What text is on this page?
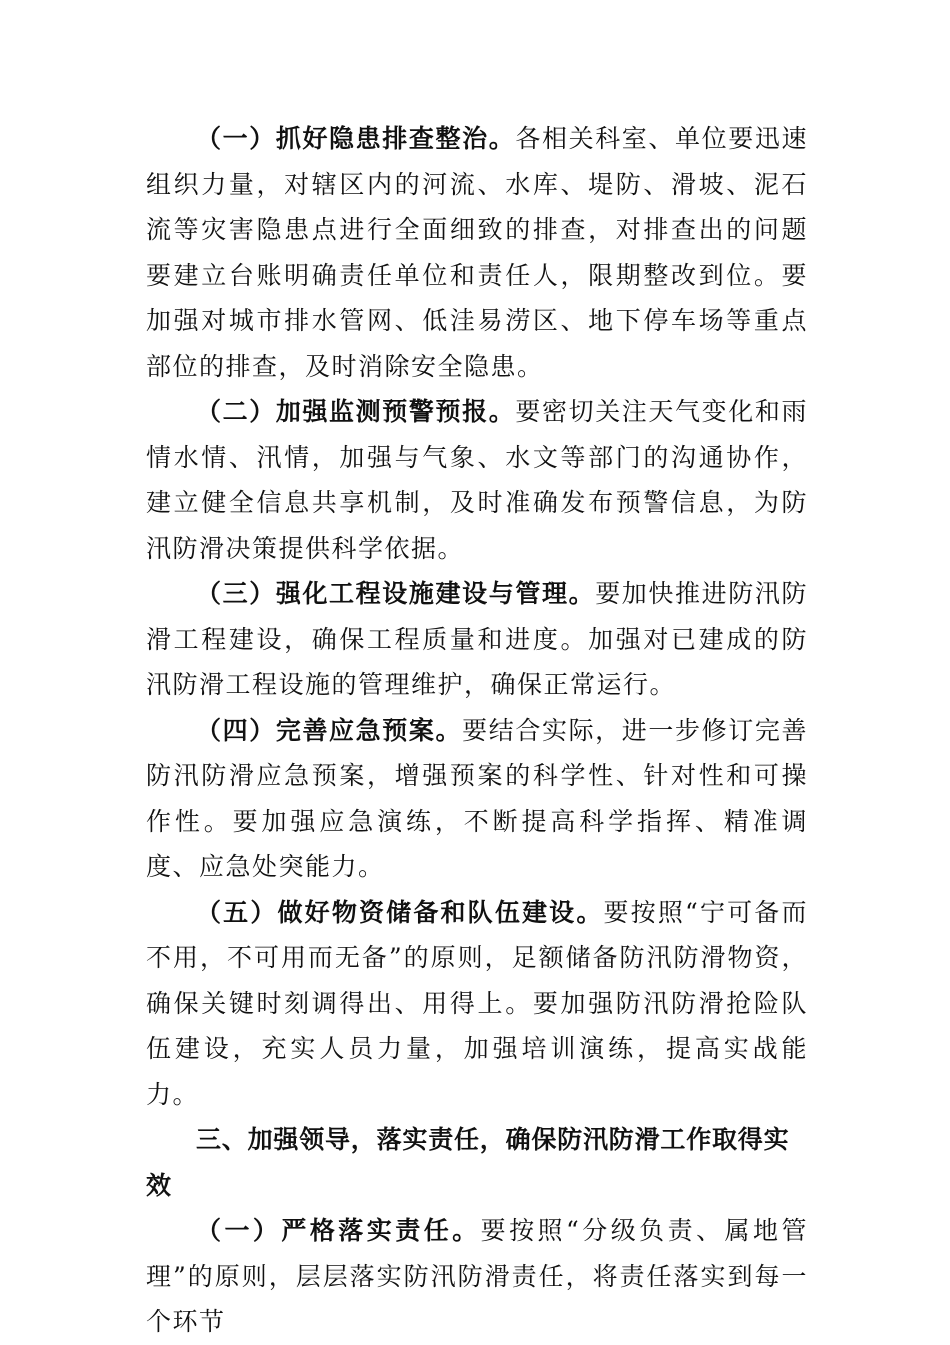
（一）抓好隐患排查整治。各相关科室、单位要迅速组织力量，对辖区内的河流、水库、堤防、滑坡、泥石流等灾害隐患点进行全面细致的排查，对排查出的问题要建立台账明确责任单位和责任人，限期整改到位。要加强对城市排水管网、低洼易涝区、地下停车场等重点部位的排查，及时消除安全隐患。

（二）加强监测预警预报。要密切关注天气变化和雨情水情、汛情，加强与气象、水文等部门的沟通协作，建立健全信息共享机制，及时准确发布预警信息，为防汛防滑决策提供科学依据。

（三）强化工程设施建设与管理。要加快推进防汛防滑工程建设，确保工程质量和进度。加强对已建成的防汛防滑工程设施的管理维护，确保正常运行。

（四）完善应急预案。要结合实际，进一步修订完善防汛防滑应急预案，增强预案的科学性、针对性和可操作性。要加强应急演练，不断提高科学指挥、精准调度、应急处突能力。

（五）做好物资储备和队伍建设。要按照“宁可备而不用，不可用而无备”的原则，足额储备防汛防滑物资，确保关键时刻调得出、用得上。要加强防汛防滑抢险队伍建设，充实人员力量，加强培训演练，提高实战能力。

三、加强领导，落实责任，确保防汛防滑工作取得实效

（一）严格落实责任。要按照“分级负责、属地管理”的原则，层层落实防汛防滑责任，将责任落实到每一个环节
